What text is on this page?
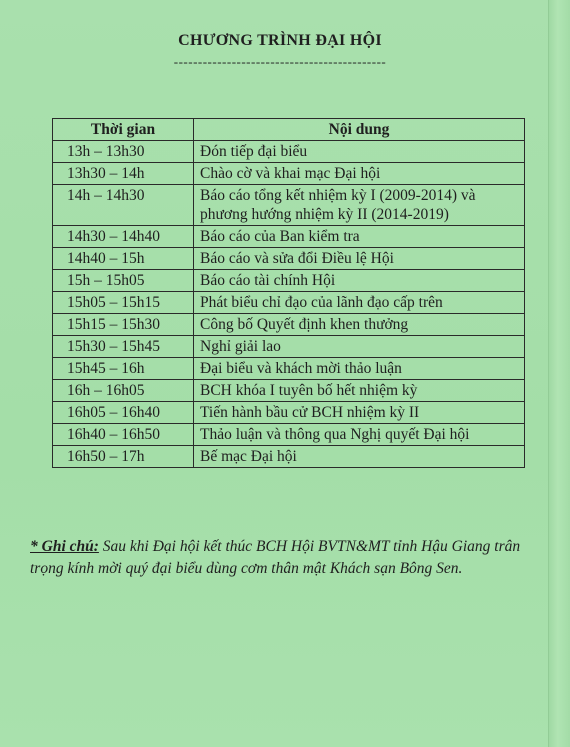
CHƯƠNG TRÌNH ĐẠI HỘI
--------------------------------------------
Thời gian	Nội dung
13h – 13h30	Đón tiếp đại biểu
13h30 – 14h	Chào cờ và khai mạc Đại hội
14h – 14h30	Báo cáo tổng kết nhiệm kỳ I (2009-2014) và phương hướng nhiệm kỳ II (2014-2019)
14h30 – 14h40	Báo cáo của Ban kiểm tra
14h40 – 15h	Báo cáo và sửa đổi Điều lệ Hội
15h – 15h05	Báo cáo tài chính Hội
15h05 – 15h15	Phát biểu chỉ đạo của lãnh đạo cấp trên
15h15 – 15h30	Công bố Quyết định khen thưởng
15h30 – 15h45	Nghỉ giải lao
15h45 – 16h	Đại biểu và khách mời thảo luận
16h – 16h05	BCH khóa I tuyên bố hết nhiệm kỳ
16h05 – 16h40	Tiến hành bầu cử BCH nhiệm kỳ II
16h40 – 16h50	Thảo luận và thông qua Nghị quyết Đại hội
16h50 – 17h	Bế mạc Đại hội
* Ghi chú: Sau khi Đại hội kết thúc BCH Hội BVTN&MT tỉnh Hậu Giang trân trọng kính mời quý đại biểu dùng cơm thân mật Khách sạn Bông Sen.
